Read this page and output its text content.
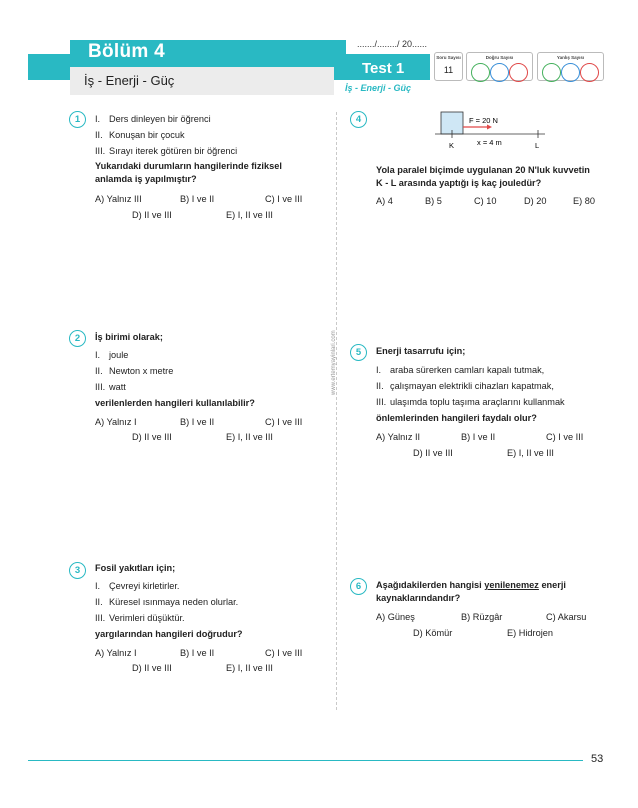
Bölüm 4
İş - Enerji - Güç
Test 1
......./......../ 20......
İş - Enerji - Güç
Soru Sayısı
11
Doğru Sayısı	Yanlış Sayısı
www.ertemyayinlari.com
1	I. Ders dinleyen bir öğrenci
II. Konuşan bir çocuk
III. Sırayı iterek götüren bir öğrenci
Yukarıdaki durumların hangilerinde fiziksel
anlamda iş yapılmıştır?
A) Yalnız III	B) I ve II	C) I ve III
D) II ve III	E) I, II ve III
2	İş birimi olarak;
I. joule
II. Newton x metre
III. watt
verilenlerden hangileri kullanılabilir?
A) Yalnız I	B) I ve II	C) I ve III
D) II ve III	E) I, II ve III
3	Fosil yakıtları için;
I. Çevreyi kirletirler.
II. Küresel ısınmaya neden olurlar.
III. Verimleri düşüktür.
yargılarından hangileri doğrudur?
A) Yalnız I	B) I ve II	C) I ve III
D) II ve III	E) I, II ve III
4	F = 20 N
x = 4 m
K	L
Yola paralel biçimde uygulanan 20 N'luk kuvvetin
K - L arasında yaptığı iş kaç jouledür?
A) 4	B) 5	C) 10	D) 20	E) 80
5	Enerji tasarrufu için;
I. araba sürerken camları kapalı tutmak,
II. çalışmayan elektrikli cihazları kapatmak,
III. ulaşımda toplu taşıma araçlarını kullanmak
önlemlerinden hangileri faydalı olur?
A) Yalnız II	B) I ve II	C) I ve III
D) II ve III	E) I, II ve III
6	Aşağıdakilerden hangisi yenilenemez enerji
kaynaklarındandır?
A) Güneş	B) Rüzgâr	C) Akarsu
D) Kömür	E) Hidrojen
53
